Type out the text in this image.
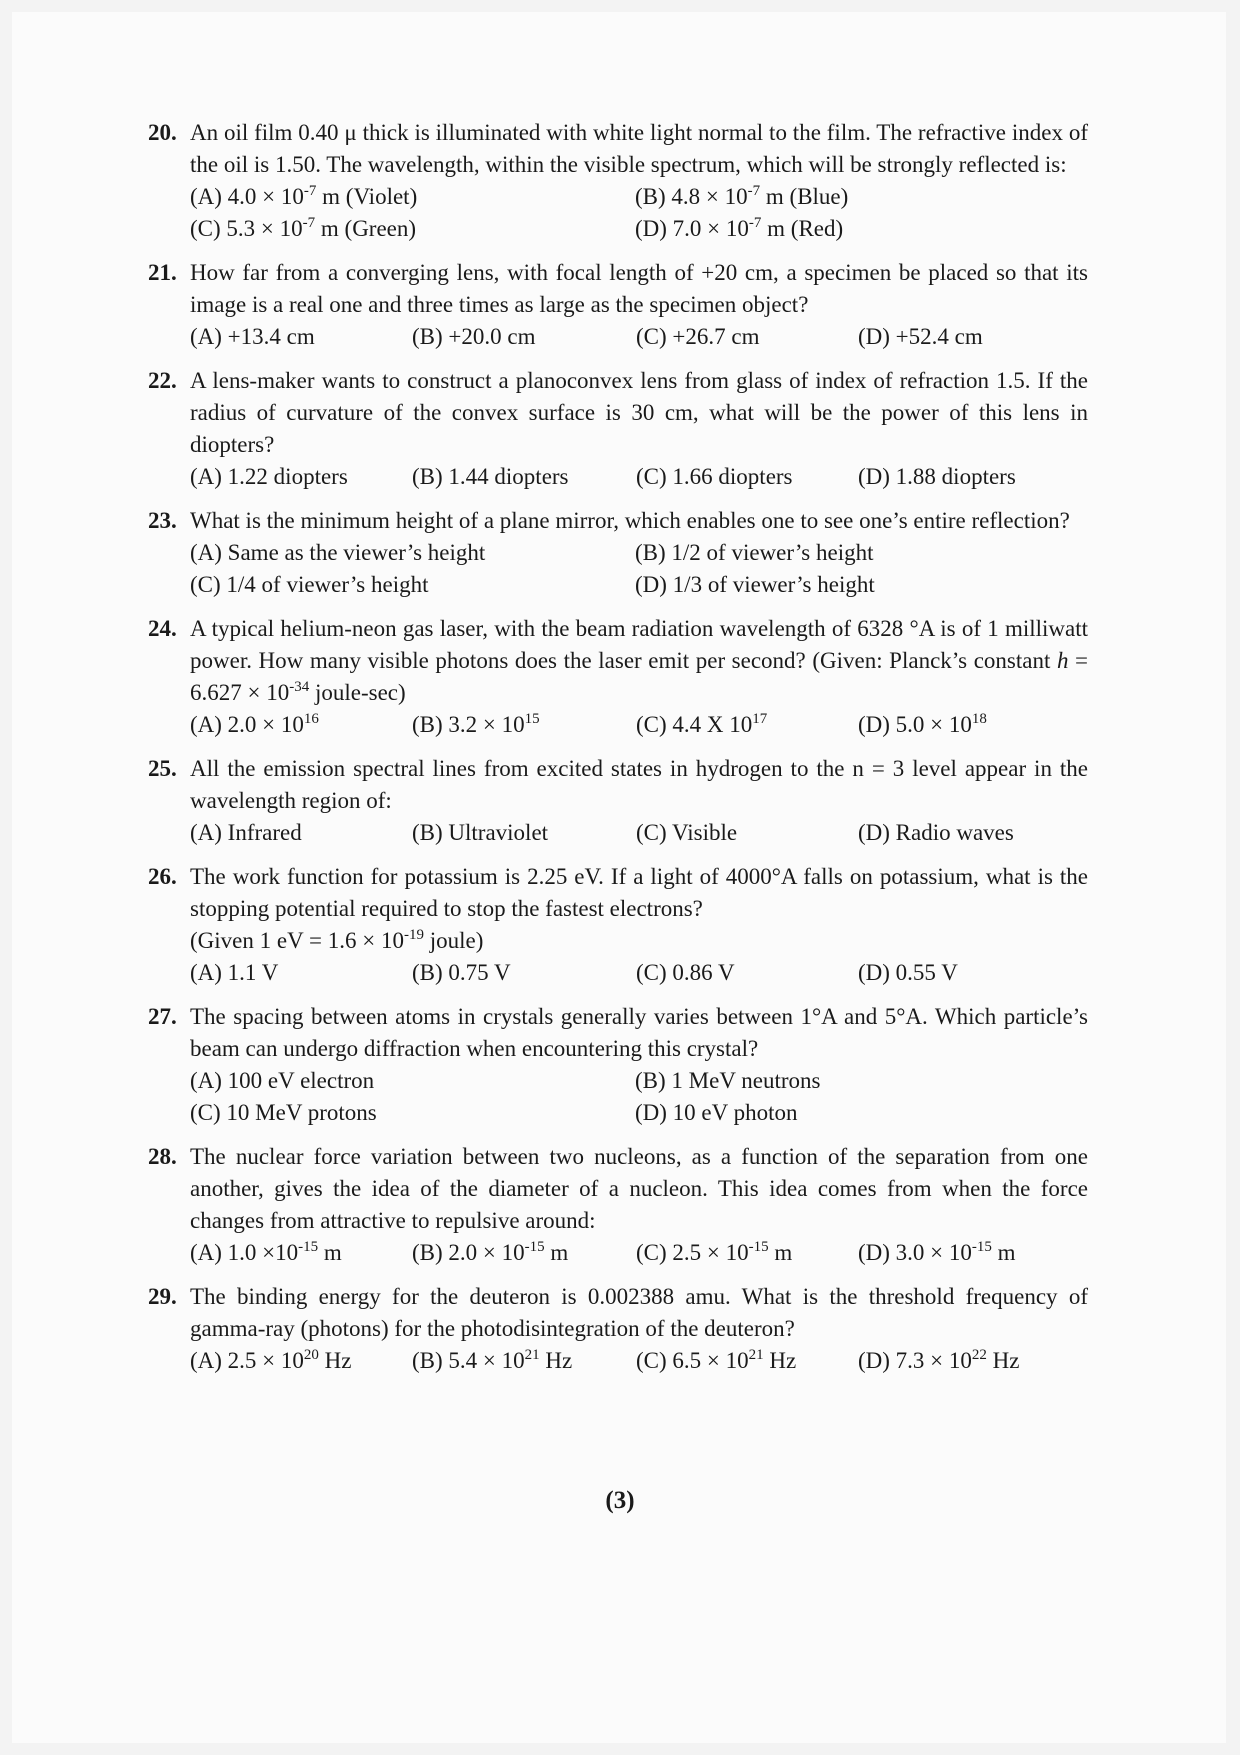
20. An oil film 0.40 μ thick is illuminated with white light normal to the film. The refractive index of the oil is 1.50. The wavelength, within the visible spectrum, which will be strongly reflected is:
(A) $4.0 \times 10^{-7}$ m (Violet)	(B) $4.8 \times 10^{-7}$ m (Blue)
(C) $5.3 \times 10^{-7}$ m (Green)	(D) $7.0 \times 10^{-7}$ m (Red)
21. How far from a converging lens, with focal length of +20 cm, a specimen be placed so that its image is a real one and three times as large as the specimen object?
(A) +13.4 cm	(B) +20.0 cm	(C) +26.7 cm	(D) +52.4 cm
22. A lens-maker wants to construct a planoconvex lens from glass of index of refraction 1.5. If the radius of curvature of the convex surface is 30 cm, what will be the power of this lens in diopters?
(A) 1.22 diopters	(B) 1.44 diopters	(C) 1.66 diopters	(D) 1.88 diopters
23. What is the minimum height of a plane mirror, which enables one to see one’s entire reflection?
(A) Same as the viewer’s height	(B) 1/2 of viewer’s height
(C) 1/4 of viewer’s height	(D) 1/3 of viewer’s height
24. A typical helium-neon gas laser, with the beam radiation wavelength of 6328 °A is of 1 milliwatt power. How many visible photons does the laser emit per second? (Given: Planck’s constant $h = 6.627 \times 10^{-34}$ joule-sec)
(A) $2.0 \times 10^{16}$	(B) $3.2 \times 10^{15}$	(C) 4.4 X $10^{17}$	(D) $5.0 \times 10^{18}$
25. All the emission spectral lines from excited states in hydrogen to the n = 3 level appear in the wavelength region of:
(A) Infrared	(B) Ultraviolet	(C) Visible	(D) Radio waves
26. The work function for potassium is 2.25 eV. If a light of 4000°A falls on potassium, what is the stopping potential required to stop the fastest electrons?
(Given 1 eV = $1.6 \times 10^{-19}$ joule)
(A) 1.1 V	(B) 0.75 V	(C) 0.86 V	(D) 0.55 V
27. The spacing between atoms in crystals generally varies between 1°A and 5°A. Which particle’s beam can undergo diffraction when encountering this crystal?
(A) 100 eV electron	(B) 1 MeV neutrons
(C) 10 MeV protons	(D) 10 eV photon
28. The nuclear force variation between two nucleons, as a function of the separation from one another, gives the idea of the diameter of a nucleon. This idea comes from when the force changes from attractive to repulsive around:
(A) $1.0 \times 10^{-15}$ m	(B) $2.0 \times 10^{-15}$ m	(C) $2.5 \times 10^{-15}$ m	(D) $3.0 \times 10^{-15}$ m
29. The binding energy for the deuteron is 0.002388 amu. What is the threshold frequency of gamma-ray (photons) for the photodisintegration of the deuteron?
(A) $2.5 \times 10^{20}$ Hz	(B) $5.4 \times 10^{21}$ Hz	(C) $6.5 \times 10^{21}$ Hz	(D) $7.3 \times 10^{22}$ Hz
(3)
